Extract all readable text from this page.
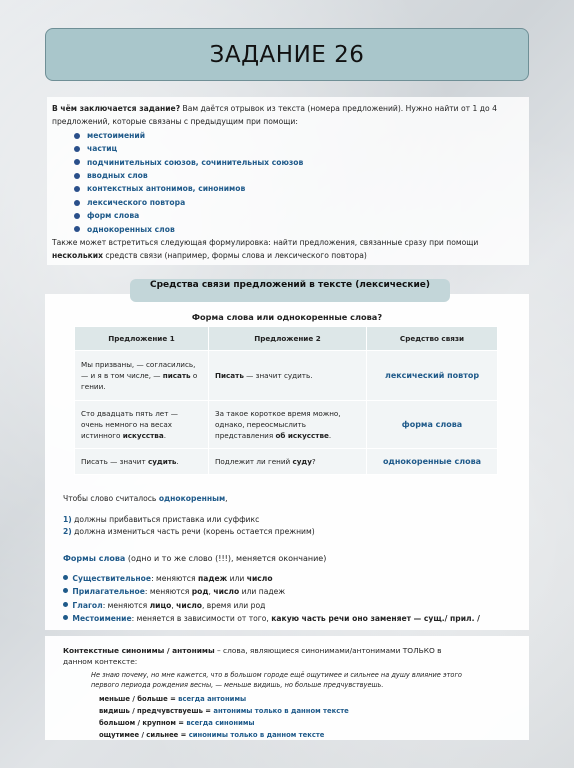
ЗАДАНИЕ 26
В чём заключается задание? Вам даётся отрывок из текста (номера предложений). Нужно найти от 1 до 4 предложений, которые связаны с предыдущим при помощи:
местоимений
частиц
подчинительных союзов, сочинительных союзов
вводных слов
контекстных антонимов, синонимов
лексического повтора
форм слова
однокоренных слов
Также может встретиться следующая формулировка: найти предложения, связанные сразу при помощи нескольких средств связи (например, формы слова и лексического повтора)
Средства связи предложений в тексте (лексические)
Форма слова или однокоренные слова?
Предложение 1	Предложение 2	Средство связи
Мы призваны, — согласились, — и я в том числе, — писать о гении.	Писать — значит судить.	лексический повтор
Сто двадцать пять лет — очень немного на весах истинного искусства.	За такое короткое время можно, однако, переосмыслить представления об искусстве.	форма слова
Писать — значит судить.	Подлежит ли гений суду?	однокоренные слова
Чтобы слово считалось однокоренным,
1) должны прибавиться приставка или суффикс
2) должна измениться часть речи (корень остается прежним)
Формы слова (одно и то же слово (!!!), меняется окончание)
Существительное: меняются падеж или число
Прилагательное: меняются род, число или падеж
Глагол: меняются лицо, число, время или род
Местоимение: меняется в зависимости от того, какую часть речи оно заменяет — сущ./ прил. /
Контекстные синонимы / антонимы – слова, являющиеся синонимами/антонимами ТОЛЬКО в данном контексте:
Не знаю почему, но мне кажется, что в большом городе ещё ощутимее и сильнее на душу влияние этого первого периода рождения весны, — меньше видишь, но больше предчувствуешь.
меньше / больше = всегда антонимы
видишь / предчувствуешь = антонимы только в данном тексте
большом / крупном = всегда синонимы
ощутимее / сильнее = синонимы только в данном тексте
